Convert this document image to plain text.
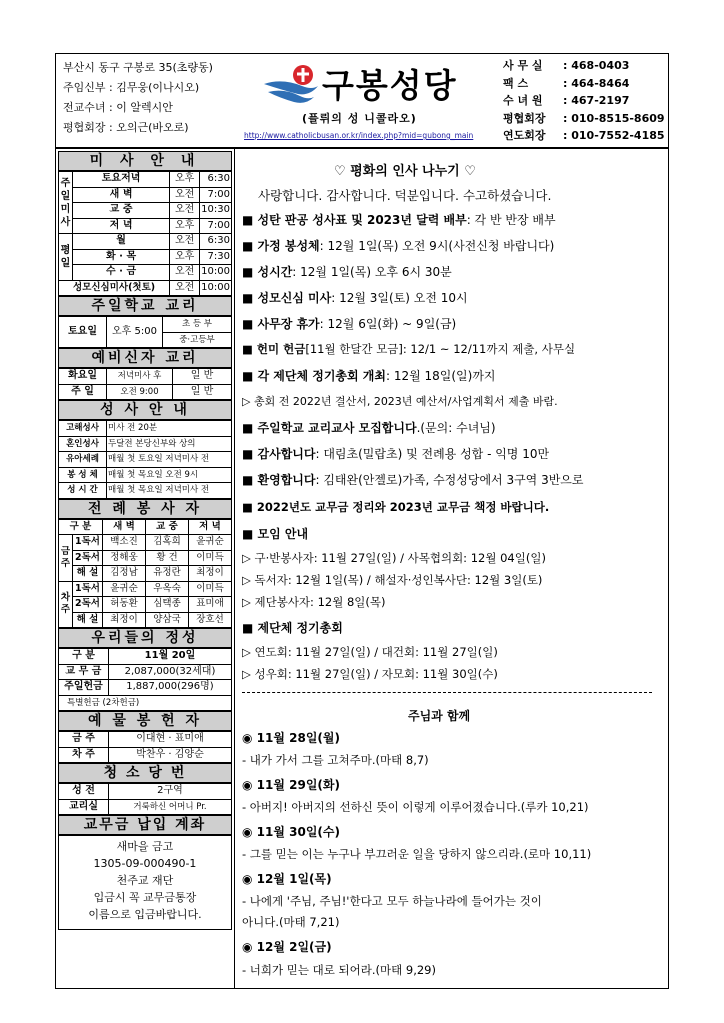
부산시 동구 구봉로 35(초량동)
주임신부 : 김무웅(이나시오)
전교수녀 : 이 알렉시안
평협회장 : 오의근(바오로)
구봉성당
(플뤼의 성 니콜라오)
http://www.catholicbusan.or.kr/index.php?mid=gubong_main
사 무 실	: 468-0403
팩 스	: 464-8464
수 녀 원	: 467-2197
평협회장	: 010-8515-8609
연도회장	: 010-7552-4185
미 사 안 내
주
일
미
사	토요저녁	오후	6:30
	새 벽	오전	7:00
	교 중	오전	10:30
	저 녁	오후	7:00
평
일	월	오전	6:30
	화 · 목	오후	7:30
	수 · 금	오전	10:00
성모신심미사(첫토)		오전	10:00
주일학교 교리
토요일	오후 5:00	초 등 부
중·고등부
예비신자 교리
화요일	저녁미사 후	일 반
주 일	오전 9:00	일 반
성 사 안 내
고해성사	미사 전 20분
혼인성사	두달전 본당신부와 상의
유아세례	매월 첫 토요일 저녁미사 전
봉 성 체	매월 첫 목요일 오전 9시
성 시 간	매월 첫 목요일 저녁미사 전
전 례 봉 사 자
구 분		새 벽	교 중	저 녁
금
주	1독서	백소진	김혹희	윤귀순
	2독서	정해웅	황 건	이미득
	해 설	김정남	유정란	최정이
차
주	1독서	윤귀순	우옥숙	이미득
	2독서	허동환	심택종	표미애
	해 설	최정이	양삼국	장호선
우리들의 정성
구 분	11월 20일
교 무 금	2,087,000(32세대)
주일헌금	1,887,000(296명)
특별헌금 (2차헌금)	
예 물 봉 헌 자
금 주	이대현 · 표미애
차 주	박찬우 · 김양순
청 소 당 번
성 전	2구역
교리실	거룩하신 어머니 Pr.
교무금 납입 계좌
새마을 금고
1305-09-000490-1
천주교 재단
입금시 꼭 교무금통장
이름으로 입금바랍니다.
♡ 평화의 인사 나누기 ♡
사랑합니다. 감사합니다. 덕분입니다. 수고하셨습니다.
■ 성탄 판공 성사표 및 2023년 달력 배부: 각 반 반장 배부
■ 가정 봉성체: 12월 1일(목) 오전 9시(사전신청 바랍니다)
■ 성시간: 12월 1일(목) 오후 6시 30분
■ 성모신심 미사: 12월 3일(토) 오전 10시
■ 사무장 휴가: 12월 6일(화) ~ 9일(금)
■ 헌미 헌금[11월 한달간 모금]: 12/1 ~ 12/11까지 제출, 사무실
■ 각 제단체 정기총회 개최: 12월 18일(일)까지
▷ 총회 전 2022년 결산서, 2023년 예산서/사업계획서 제출 바람.
■ 주일학교 교리교사 모집합니다.(문의: 수녀님)
■ 감사합니다: 대림초(밀랍초) 및 전례용 성합 - 익명 10만
■ 환영합니다: 김태완(안젤로)가족, 수정성당에서 3구역 3반으로
■ 2022년도 교무금 정리와 2023년 교무금 책정 바랍니다.
■ 모임 안내
▷ 구·반봉사자: 11월 27일(일) / 사목협의회: 12월 04일(일)
▷ 독서자: 12월 1일(목) / 해설자·성인복사단: 12월 3일(토)
▷ 제단봉사자: 12월 8일(목)
■ 제단체 정기총회
▷ 연도회: 11월 27일(일) / 대건회: 11월 27일(일)
▷ 성우회: 11월 27일(일) / 자모회: 11월 30일(수)
주님과 함께
◉ 11월 28일(월)
- 내가 가서 그를 고쳐주마.(마태 8,7)
◉ 11월 29일(화)
- 아버지! 아버지의 선하신 뜻이 이렇게 이루어졌습니다.(루카 10,21)
◉ 11월 30일(수)
- 그를 믿는 이는 누구나 부끄러운 일을 당하지 않으리라.(로마 10,11)
◉ 12월 1일(목)
- 나에게 '주님, 주님!'한다고 모두 하늘나라에 들어가는 것이
아니다.(마태 7,21)
◉ 12월 2일(금)
- 너희가 믿는 대로 되어라.(마태 9,29)
